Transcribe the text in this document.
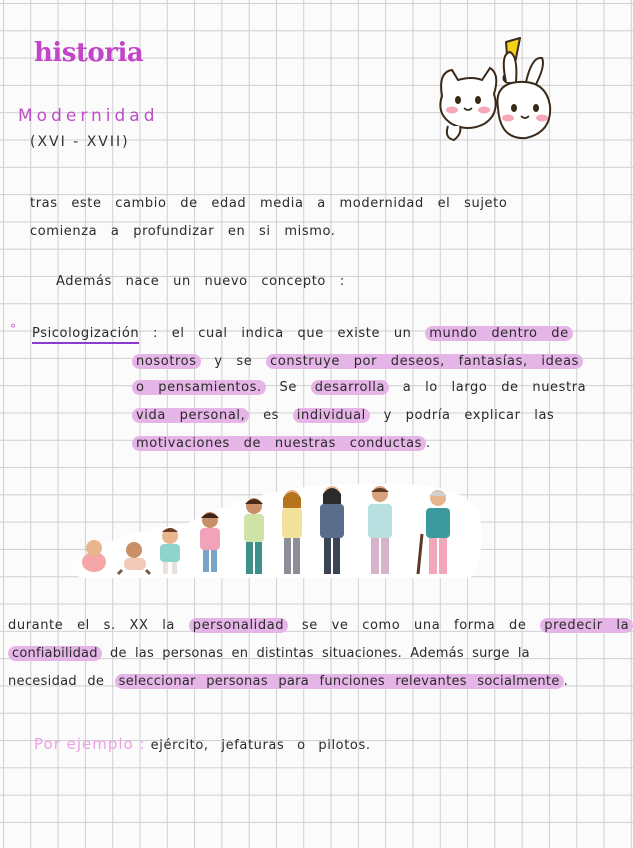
historia
Modernidad
(XVI - XVII)
tras este cambio de edad media a modernidad el sujeto
comienza a profundizar en si mismo.
Además nace un nuevo concepto :
° Psicologización : el cual indica que existe un mundo dentro de
nosotros y se construye por deseos, fantasías, ideas
o pensamientos. Se desarrolla a lo largo de nuestra
vida personal, es individual y podría explicar las
motivaciones de nuestras conductas .
durante el s. XX la personalidad se ve como una forma de predecir la
confiabilidad de las personas en distintas situaciones. Además surge la
necesidad de seleccionar personas para funciones relevantes socialmente .
Por ejemplo : ejército, jefaturas o pilotos.
